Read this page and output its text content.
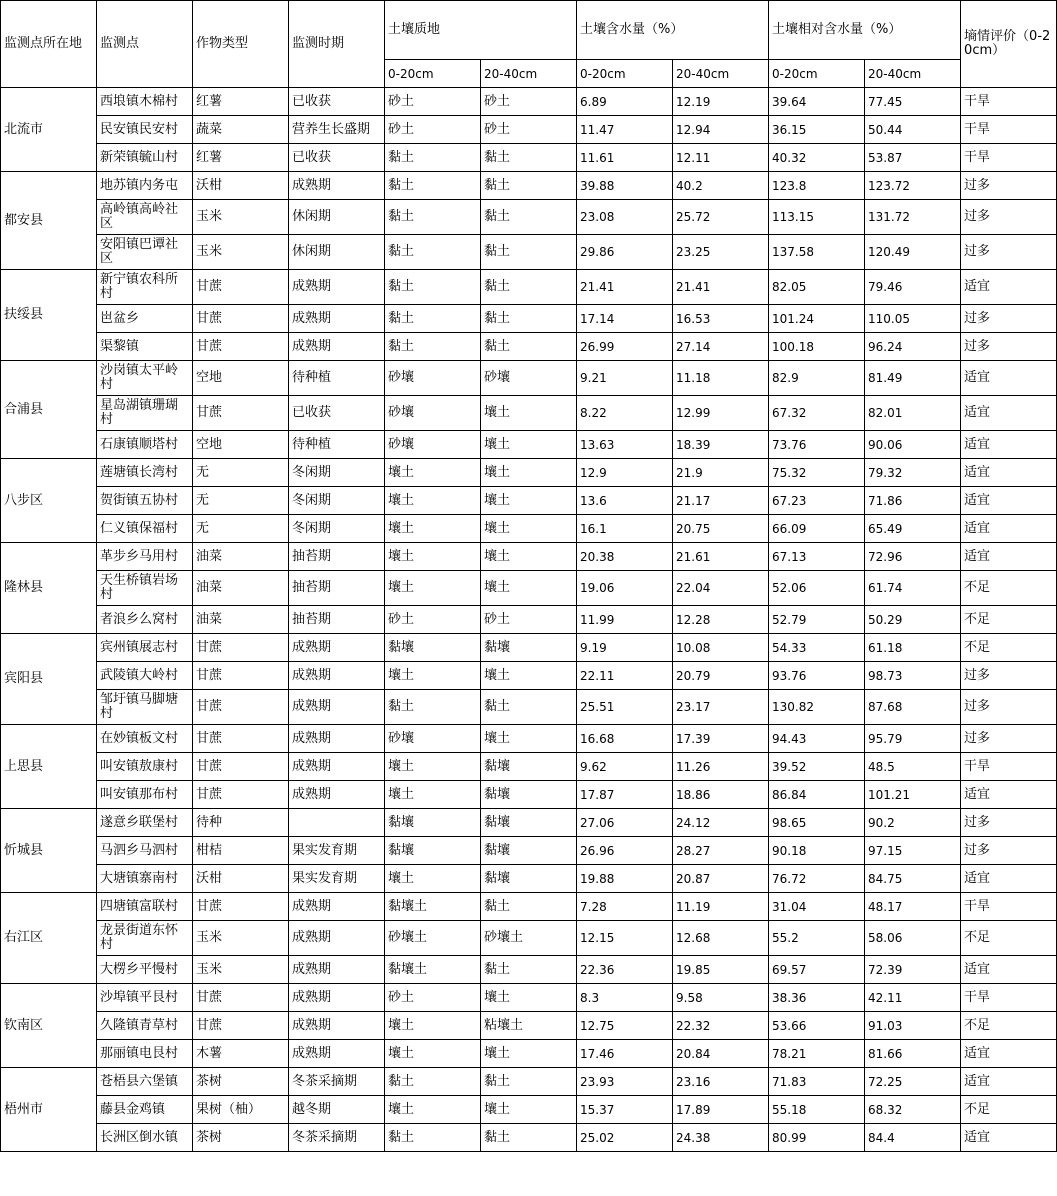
监测点所在地	监测点	作物类型	监测时期	土壤质地		土壤含水量（%）		土壤相对含水量（%）		墒情评价（0-20cm）
				0-20cm	20-40cm	0-20cm	20-40cm	0-20cm	20-40cm	
北流市	西埌镇木棉村	红薯	已收获	砂土	砂土	6.89	12.19	39.64	77.45	干旱
	民安镇民安村	蔬菜	营养生长盛期	砂土	砂土	11.47	12.94	36.15	50.44	干旱
	新荣镇毓山村	红薯	已收获	黏土	黏土	11.61	12.11	40.32	53.87	干旱
都安县	地苏镇内务屯	沃柑	成熟期	黏土	黏土	39.88	40.2	123.8	123.72	过多
	高岭镇高岭社区	玉米	休闲期	黏土	黏土	23.08	25.72	113.15	131.72	过多
	安阳镇巴谭社区	玉米	休闲期	黏土	黏土	29.86	23.25	137.58	120.49	过多
扶绥县	新宁镇农科所村	甘蔗	成熟期	黏土	黏土	21.41	21.41	82.05	79.46	适宜
	岜盆乡	甘蔗	成熟期	黏土	黏土	17.14	16.53	101.24	110.05	过多
	渠黎镇	甘蔗	成熟期	黏土	黏土	26.99	27.14	100.18	96.24	过多
合浦县	沙岗镇太平岭村	空地	待种植	砂壤	砂壤	9.21	11.18	82.9	81.49	适宜
	星岛湖镇珊瑚村	甘蔗	已收获	砂壤	壤土	8.22	12.99	67.32	82.01	适宜
	石康镇顺塔村	空地	待种植	砂壤	壤土	13.63	18.39	73.76	90.06	适宜
八步区	莲塘镇长湾村	无	冬闲期	壤土	壤土	12.9	21.9	75.32	79.32	适宜
	贺街镇五协村	无	冬闲期	壤土	壤土	13.6	21.17	67.23	71.86	适宜
	仁义镇保福村	无	冬闲期	壤土	壤土	16.1	20.75	66.09	65.49	适宜
隆林县	革步乡马用村	油菜	抽苔期	壤土	壤土	20.38	21.61	67.13	72.96	适宜
	天生桥镇岩场村	油菜	抽苔期	壤土	壤土	19.06	22.04	52.06	61.74	不足
	者浪乡么窝村	油菜	抽苔期	砂土	砂土	11.99	12.28	52.79	50.29	不足
宾阳县	宾州镇展志村	甘蔗	成熟期	黏壤	黏壤	9.19	10.08	54.33	61.18	不足
	武陵镇大岭村	甘蔗	成熟期	壤土	壤土	22.11	20.79	93.76	98.73	过多
	邹圩镇马脚塘村	甘蔗	成熟期	黏土	黏土	25.51	23.17	130.82	87.68	过多
上思县	在妙镇板文村	甘蔗	成熟期	砂壤	壤土	16.68	17.39	94.43	95.79	过多
	叫安镇敖康村	甘蔗	成熟期	壤土	黏壤	9.62	11.26	39.52	48.5	干旱
	叫安镇那布村	甘蔗	成熟期	壤土	黏壤	17.87	18.86	86.84	101.21	适宜
忻城县	遂意乡联堡村	待种		黏壤	黏壤	27.06	24.12	98.65	90.2	过多
	马泗乡马泗村	柑桔	果实发育期	黏壤	黏壤	26.96	28.27	90.18	97.15	过多
	大塘镇寨南村	沃柑	果实发育期	壤土	黏壤	19.88	20.87	76.72	84.75	适宜
右江区	四塘镇富联村	甘蔗	成熟期	黏壤土	黏土	7.28	11.19	31.04	48.17	干旱
	龙景街道东怀村	玉米	成熟期	砂壤土	砂壤土	12.15	12.68	55.2	58.06	不足
	大楞乡平慢村	玉米	成熟期	黏壤土	黏土	22.36	19.85	69.57	72.39	适宜
钦南区	沙埠镇平艮村	甘蔗	成熟期	砂土	壤土	8.3	9.58	38.36	42.11	干旱
	久隆镇青草村	甘蔗	成熟期	壤土	粘壤土	12.75	22.32	53.66	91.03	不足
	那丽镇电艮村	木薯	成熟期	壤土	壤土	17.46	20.84	78.21	81.66	适宜
梧州市	苍梧县六堡镇	茶树	冬茶采摘期	黏土	黏土	23.93	23.16	71.83	72.25	适宜
	藤县金鸡镇	果树（柚）	越冬期	壤土	壤土	15.37	17.89	55.18	68.32	不足
	长洲区倒水镇	茶树	冬茶采摘期	黏土	黏土	25.02	24.38	80.99	84.4	适宜
